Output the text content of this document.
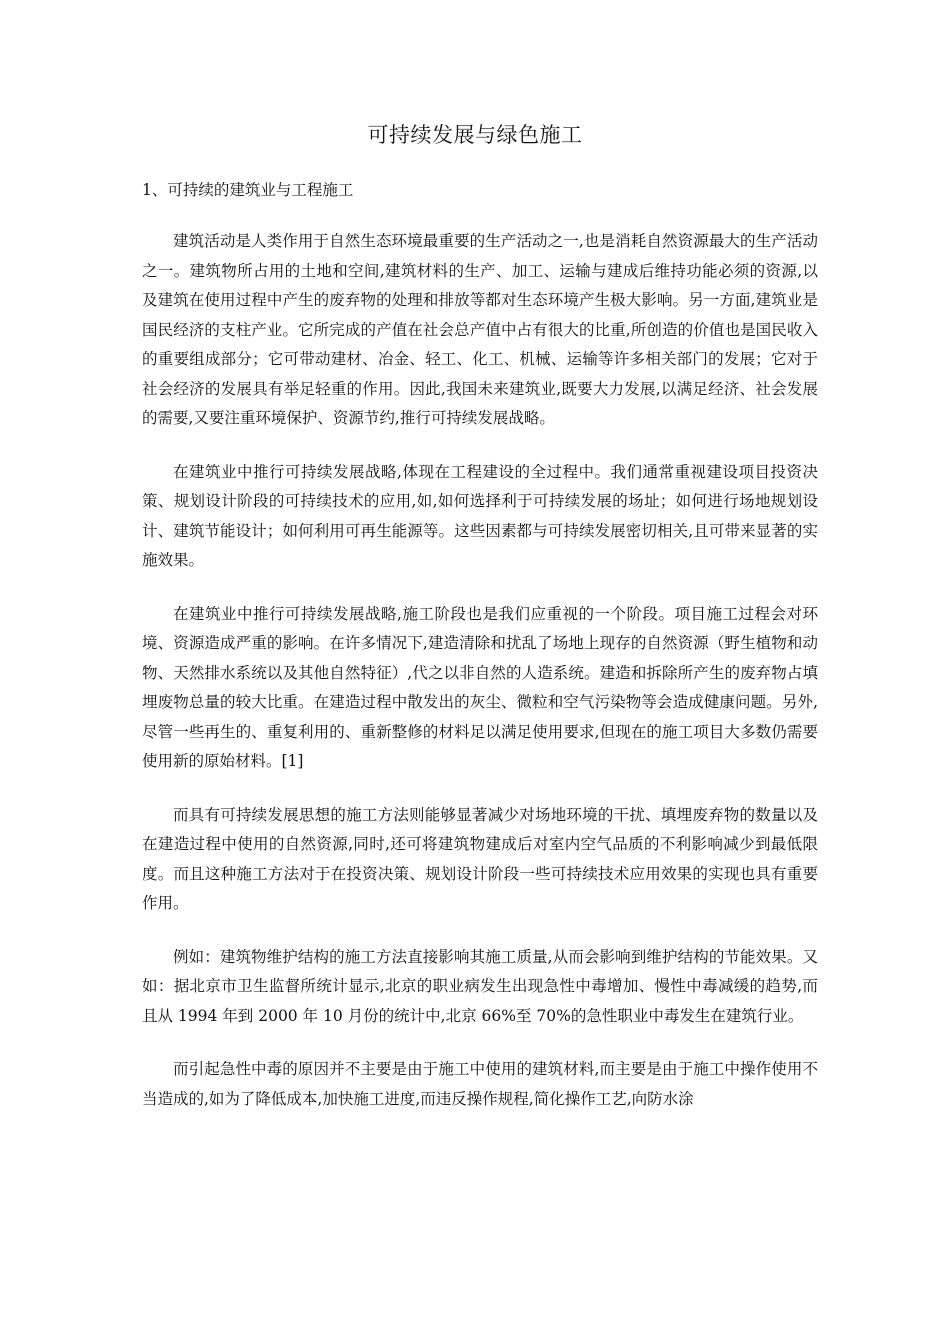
可持续发展与绿色施工
1、可持续的建筑业与工程施工

建筑活动是人类作用于自然生态环境最重要的生产活动之一,也是消耗自然资源最大的生产活动之一。建筑物所占用的土地和空间,建筑材料的生产、加工、运输与建成后维持功能必须的资源,以及建筑在使用过程中产生的废弃物的处理和排放等都对生态环境产生极大影响。另一方面,建筑业是国民经济的支柱产业。它所完成的产值在社会总产值中占有很大的比重,所创造的价值也是国民收入的重要组成部分；它可带动建材、冶金、轻工、化工、机械、运输等许多相关部门的发展；它对于社会经济的发展具有举足轻重的作用。因此,我国未来建筑业,既要大力发展,以满足经济、社会发展的需要,又要注重环境保护、资源节约,推行可持续发展战略。

在建筑业中推行可持续发展战略,体现在工程建设的全过程中。我们通常重视建设项目投资决策、规划设计阶段的可持续技术的应用,如,如何选择利于可持续发展的场址；如何进行场地规划设计、建筑节能设计；如何利用可再生能源等。这些因素都与可持续发展密切相关,且可带来显著的实施效果。

在建筑业中推行可持续发展战略,施工阶段也是我们应重视的一个阶段。项目施工过程会对环境、资源造成严重的影响。在许多情况下,建造清除和扰乱了场地上现存的自然资源（野生植物和动物、天然排水系统以及其他自然特征）,代之以非自然的人造系统。建造和拆除所产生的废弃物占填埋废物总量的较大比重。在建造过程中散发出的灰尘、微粒和空气污染物等会造成健康问题。另外,尽管一些再生的、重复利用的、重新整修的材料足以满足使用要求,但现在的施工项目大多数仍需要使用新的原始材料。[1]

而具有可持续发展思想的施工方法则能够显著减少对场地环境的干扰、填埋废弃物的数量以及在建造过程中使用的自然资源,同时,还可将建筑物建成后对室内空气品质的不利影响减少到最低限度。而且这种施工方法对于在投资决策、规划设计阶段一些可持续技术应用效果的实现也具有重要作用。

例如：建筑物维护结构的施工方法直接影响其施工质量,从而会影响到维护结构的节能效果。又如：据北京市卫生监督所统计显示,北京的职业病发生出现急性中毒增加、慢性中毒减缓的趋势,而且从 1994 年到 2000 年 10 月份的统计中,北京 66%至 70%的急性职业中毒发生在建筑行业。

而引起急性中毒的原因并不主要是由于施工中使用的建筑材料,而主要是由于施工中操作使用不当造成的,如为了降低成本,加快施工进度,而违反操作规程,简化操作工艺,向防水涂
